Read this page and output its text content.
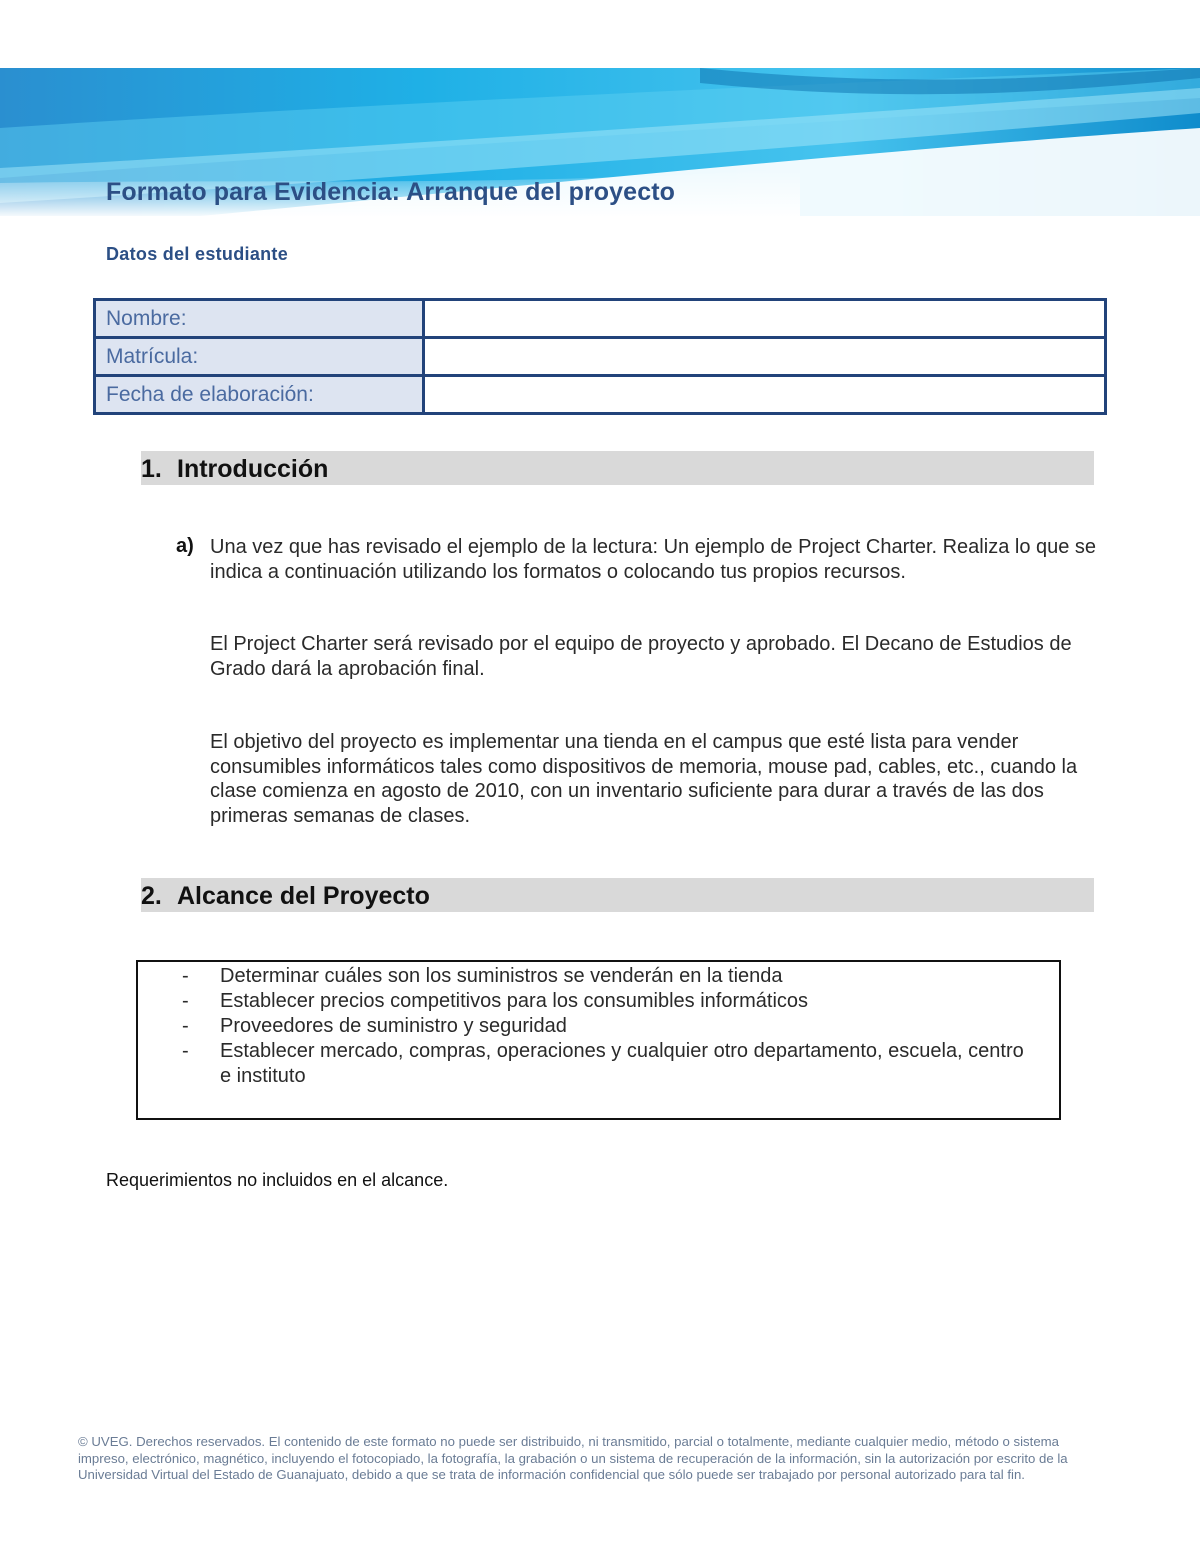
Formato para Evidencia: Arranque del proyecto
Datos del estudiante
Nombre:	
Matrícula:	
Fecha de elaboración:	
1. Introducción
a) Una vez que has revisado el ejemplo de la lectura: Un ejemplo de Project Charter. Realiza lo que se indica a continuación utilizando los formatos o colocando tus propios recursos.

El Project Charter será revisado por el equipo de proyecto y aprobado. El Decano de Estudios de Grado dará la aprobación final.

El objetivo del proyecto es implementar una tienda en el campus que esté lista para vender consumibles informáticos tales como dispositivos de memoria, mouse pad, cables, etc., cuando la clase comienza en agosto de 2010, con un inventario suficiente para durar a través de las dos primeras semanas de clases.

2. Alcance del Proyecto
- Determinar cuáles son los suministros se venderán en la tienda
- Establecer precios competitivos para los consumibles informáticos
- Proveedores de suministro y seguridad
- Establecer mercado, compras, operaciones y cualquier otro departamento, escuela, centro e instituto

Requerimientos no incluidos en el alcance.

© UVEG. Derechos reservados. El contenido de este formato no puede ser distribuido, ni transmitido, parcial o totalmente, mediante cualquier medio, método o sistema impreso, electrónico, magnético, incluyendo el fotocopiado, la fotografía, la grabación o un sistema de recuperación de la información, sin la autorización por escrito de la Universidad Virtual del Estado de Guanajuato, debido a que se trata de información confidencial que sólo puede ser trabajado por personal autorizado para tal fin.
